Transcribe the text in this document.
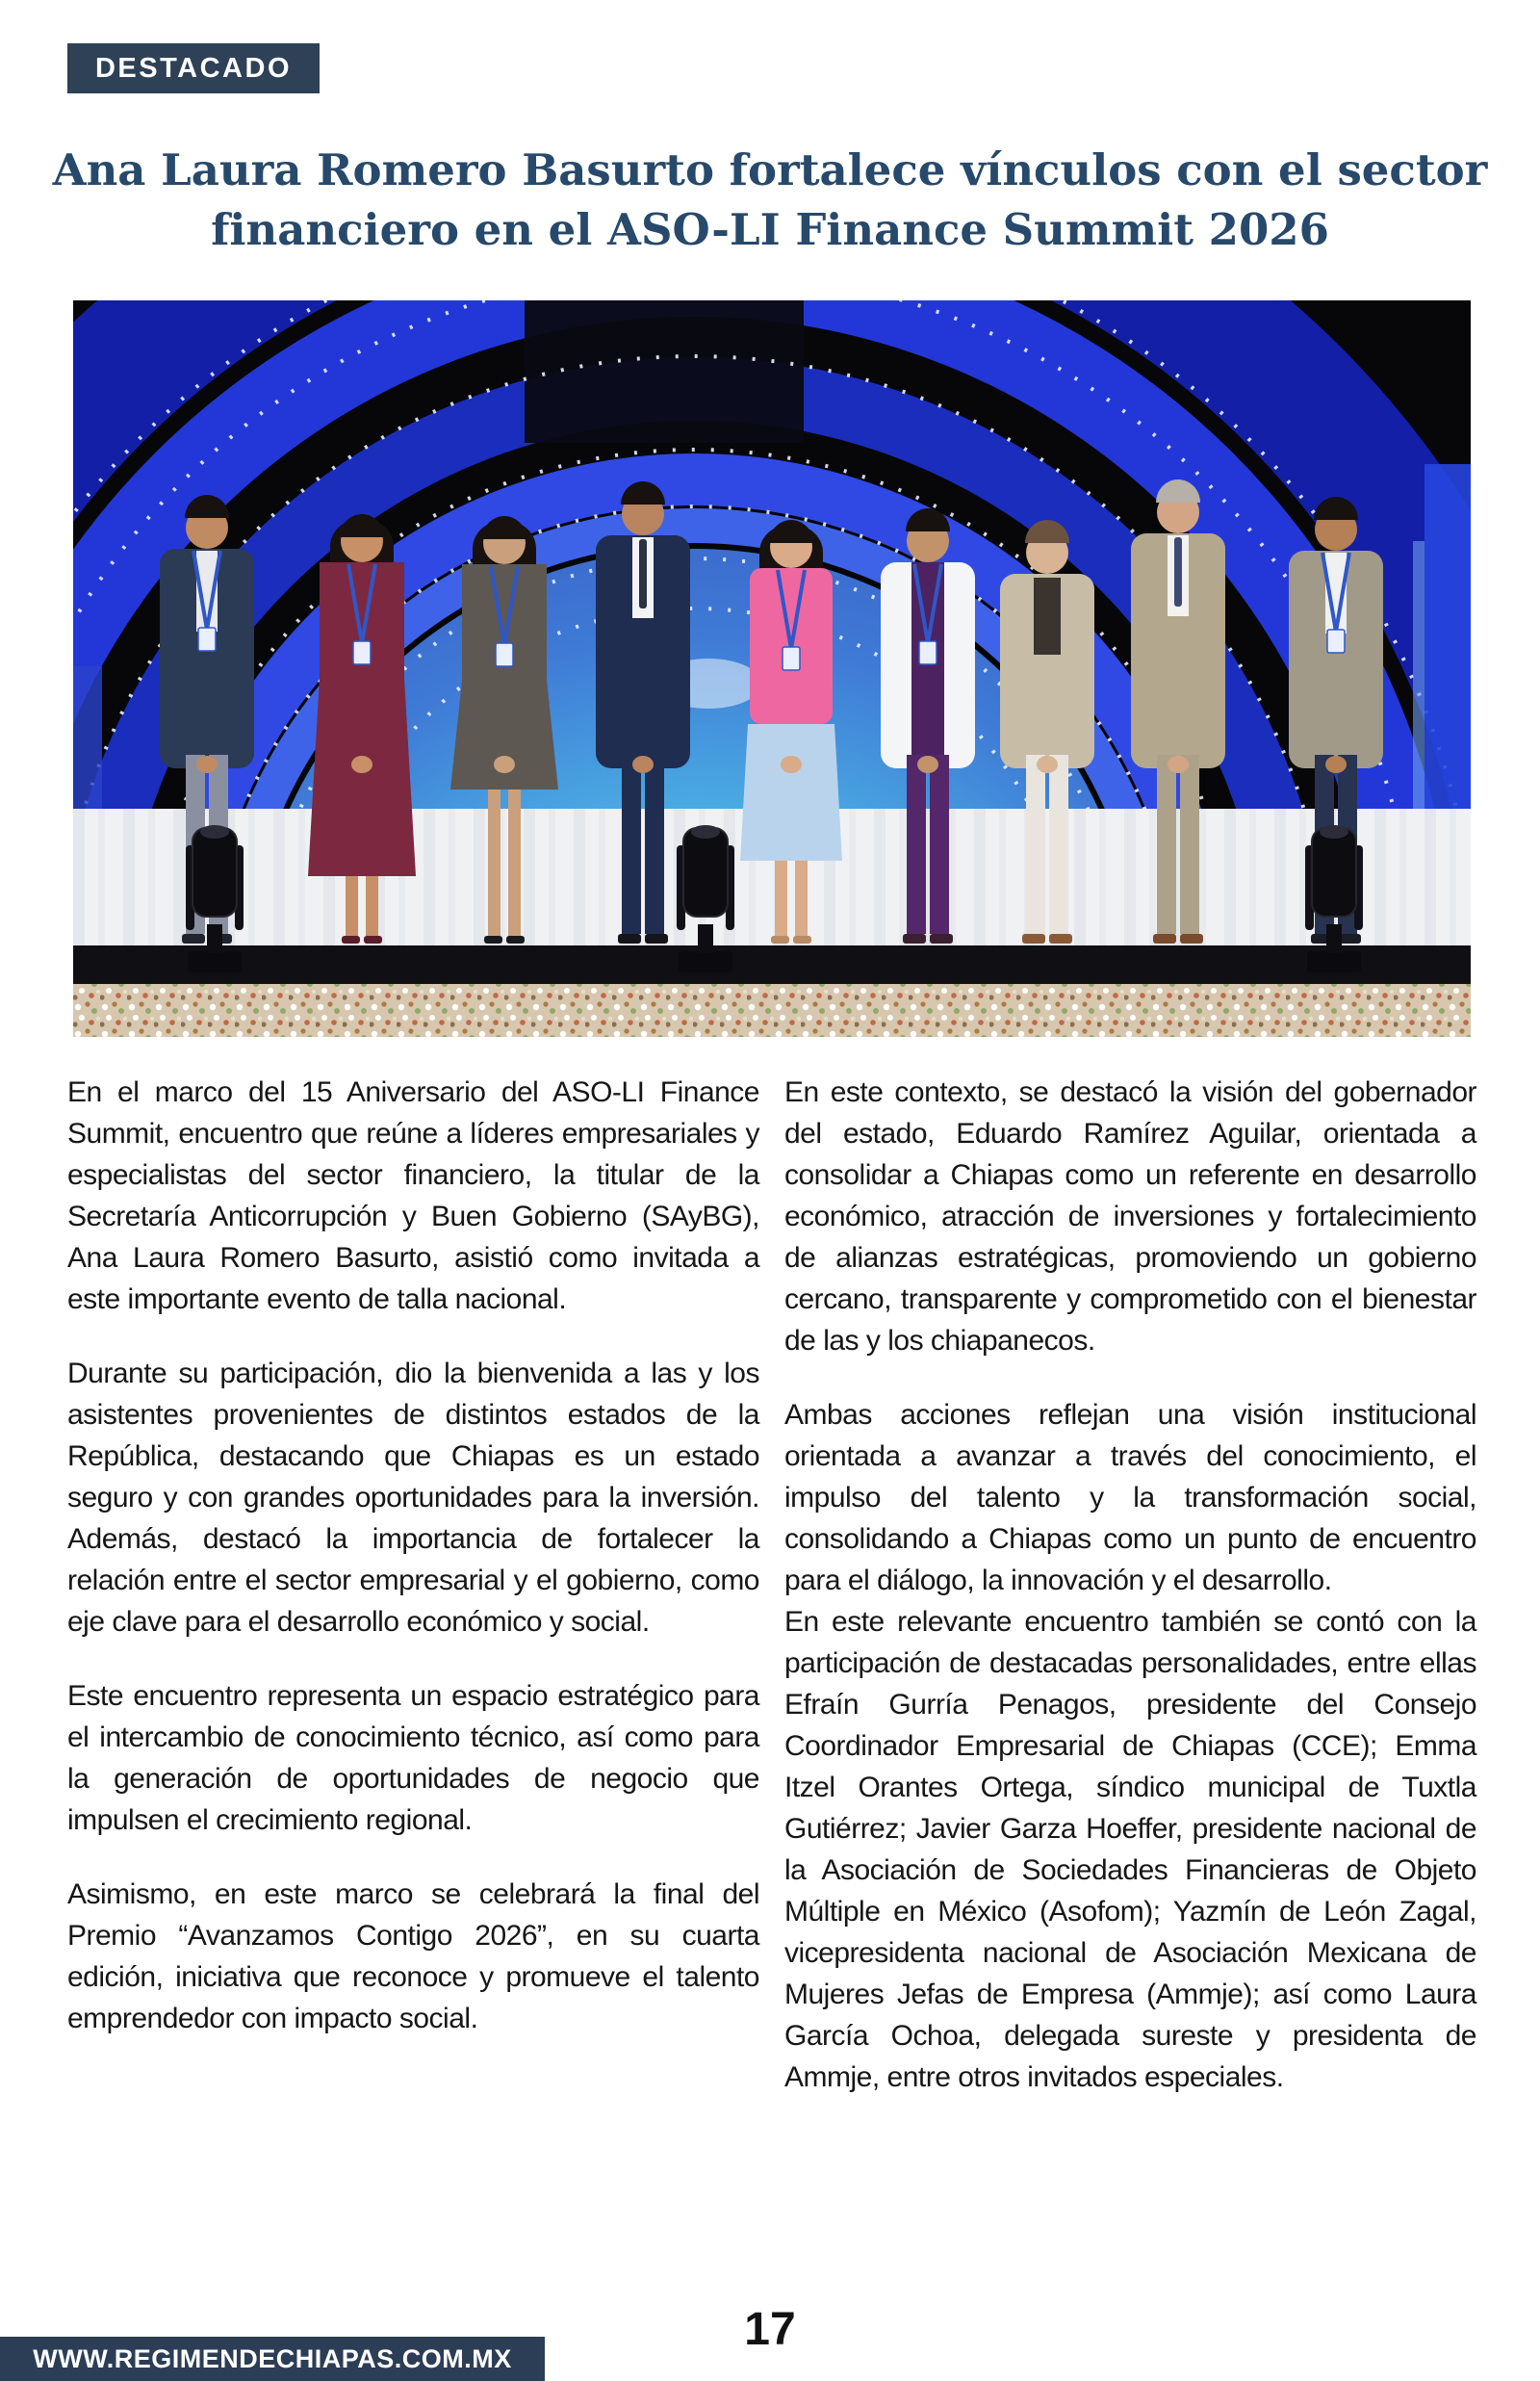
DESTACADO
Ana Laura Romero Basurto fortalece vínculos con el sector
financiero en el ASO-LI Finance Summit 2026

En el marco del 15 Aniversario del ASO-LI Finance Summit, encuentro que reúne a líderes empresariales y especialistas del sector financiero, la titular de la Secretaría Anticorrupción y Buen Gobierno (SAyBG), Ana Laura Romero Basurto, asistió como invitada a este importante evento de talla nacional.

Durante su participación, dio la bienvenida a las y los asistentes provenientes de distintos estados de la República, destacando que Chiapas es un estado seguro y con grandes oportunidades para la inversión. Además, destacó la importancia de fortalecer la relación entre el sector empresarial y el gobierno, como eje clave para el desarrollo económico y social.

Este encuentro representa un espacio estratégico para el intercambio de conocimiento técnico, así como para la generación de oportunidades de negocio que impulsen el crecimiento regional.

Asimismo, en este marco se celebrará la final del Premio “Avanzamos Contigo 2026”, en su cuarta edición, iniciativa que reconoce y promueve el talento emprendedor con impacto social.

En este contexto, se destacó la visión del gobernador del estado, Eduardo Ramírez Aguilar, orientada a consolidar a Chiapas como un referente en desarrollo económico, atracción de inversiones y fortalecimiento de alianzas estratégicas, promoviendo un gobierno cercano, transparente y comprometido con el bienestar de las y los chiapanecos.

Ambas acciones reflejan una visión institucional orientada a avanzar a través del conocimiento, el impulso del talento y la transformación social, consolidando a Chiapas como un punto de encuentro para el diálogo, la innovación y el desarrollo.

En este relevante encuentro también se contó con la participación de destacadas personalidades, entre ellas Efraín Gurría Penagos, presidente del Consejo Coordinador Empresarial de Chiapas (CCE); Emma Itzel Orantes Ortega, síndico municipal de Tuxtla Gutiérrez; Javier Garza Hoeffer, presidente nacional de la Asociación de Sociedades Financieras de Objeto Múltiple en México (Asofom); Yazmín de León Zagal, vicepresidenta nacional de Asociación Mexicana de Mujeres Jefas de Empresa (Ammje); así como Laura García Ochoa, delegada sureste y presidenta de Ammje, entre otros invitados especiales.

17
WWW.REGIMENDECHIAPAS.COM.MX
